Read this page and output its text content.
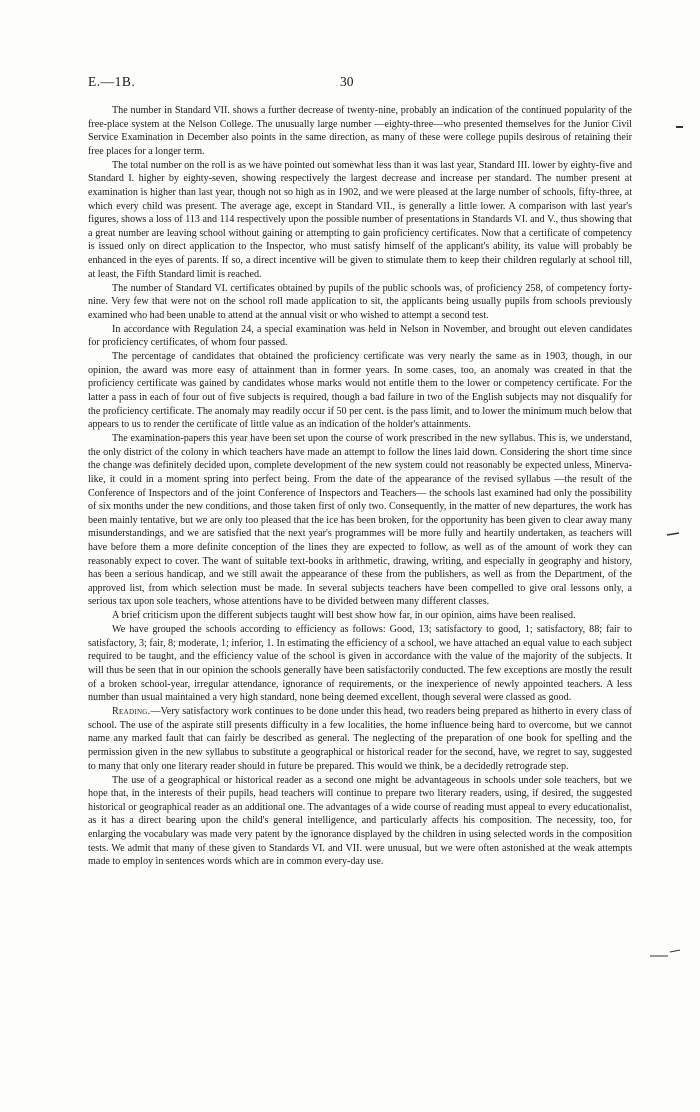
E.—1B.	30

The number in Standard VII. shows a further decrease of twenty-nine, probably an indication of the continued popularity of the free-place system at the Nelson College. The unusually large number —eighty-three—who presented themselves for the Junior Civil Service Examination in December also points in the same direction, as many of these were college pupils desirous of retaining their free places for a longer term.

The total number on the roll is as we have pointed out somewhat less than it was last year, Standard III. lower by eighty-five and Standard I. higher by eighty-seven, showing respectively the largest decrease and increase per standard. The number present at examination is higher than last year, though not so high as in 1902, and we were pleased at the large number of schools, fifty-three, at which every child was present. The average age, except in Standard VII., is generally a little lower. A comparison with last year's figures, shows a loss of 113 and 114 respectively upon the possible number of presentations in Standards VI. and V., thus showing that a great number are leaving school without gaining or attempting to gain proficiency certificates. Now that a certificate of competency is issued only on direct application to the Inspector, who must satisfy himself of the applicant's ability, its value will probably be enhanced in the eyes of parents. If so, a direct incentive will be given to stimulate them to keep their children regularly at school till, at least, the Fifth Standard limit is reached.

The number of Standard VI. certificates obtained by pupils of the public schools was, of proficiency 258, of competency forty-nine. Very few that were not on the school roll made application to sit, the applicants being usually pupils from schools previously examined who had been unable to attend at the annual visit or who wished to attempt a second test.

In accordance with Regulation 24, a special examination was held in Nelson in November, and brought out eleven candidates for proficiency certificates, of whom four passed.

The percentage of candidates that obtained the proficiency certificate was very nearly the same as in 1903, though, in our opinion, the award was more easy of attainment than in former years. In some cases, too, an anomaly was created in that the proficiency certificate was gained by candidates whose marks would not entitle them to the lower or competency certificate. For the latter a pass in each of four out of five subjects is required, though a bad failure in two of the English subjects may not disqualify for the proficiency certificate. The anomaly may readily occur if 50 per cent. is the pass limit, and to lower the minimum much below that appears to us to render the certificate of little value as an indication of the holder's attainments.

The examination-papers this year have been set upon the course of work prescribed in the new syllabus. This is, we understand, the only district of the colony in which teachers have made an attempt to follow the lines laid down. Considering the short time since the change was definitely decided upon, complete development of the new system could not reasonably be expected unless, Minerva-like, it could in a moment spring into perfect being. From the date of the appearance of the revised syllabus —the result of the Conference of Inspectors and of the joint Conference of Inspectors and Teachers— the schools last examined had only the possibility of six months under the new conditions, and those taken first of only two. Consequently, in the matter of new departures, the work has been mainly tentative, but we are only too pleased that the ice has been broken, for the opportunity has been given to clear away many misunderstandings, and we are satisfied that the next year's programmes will be more fully and heartily undertaken, as teachers will have before them a more definite conception of the lines they are expected to follow, as well as of the amount of work they can reasonably expect to cover. The want of suitable text-books in arithmetic, drawing, writing, and especially in geography and history, has been a serious handicap, and we still await the appearance of these from the publishers, as well as from the Department, of the approved list, from which selection must be made. In several subjects teachers have been compelled to give oral lessons only, a serious tax upon sole teachers, whose attentions have to be divided between many different classes.

A brief criticism upon the different subjects taught will best show how far, in our opinion, aims have been realised.

We have grouped the schools according to efficiency as follows: Good, 13; satisfactory to good, 1; satisfactory, 88; fair to satisfactory, 3; fair, 8; moderate, 1; inferior, 1. In estimating the efficiency of a school, we have attached an equal value to each subject required to be taught, and the efficiency value of the school is given in accordance with the value of the majority of the subjects. It will thus be seen that in our opinion the schools generally have been satisfactorily conducted. The few exceptions are mostly the result of a broken school-year, irregular attendance, ignorance of requirements, or the inexperience of newly appointed teachers. A less number than usual maintained a very high standard, none being deemed excellent, though several were classed as good.

Reading.—Very satisfactory work continues to be done under this head, two readers being prepared as hitherto in every class of school. The use of the aspirate still presents difficulty in a few localities, the home influence being hard to overcome, but we cannot name any marked fault that can fairly be described as general. The neglecting of the preparation of one book for spelling and the permission given in the new syllabus to substitute a geographical or historical reader for the second, have, we regret to say, suggested to many that only one literary reader should in future be prepared. This would we think, be a decidedly retrograde step.

The use of a geographical or historical reader as a second one might be advantageous in schools under sole teachers, but we hope that, in the interests of their pupils, head teachers will continue to prepare two literary readers, using, if desired, the suggested historical or geographical reader as an additional one. The advantages of a wide course of reading must appeal to every educationalist, as it has a direct bearing upon the child's general intelligence, and particularly affects his composition. The necessity, too, for enlarging the vocabulary was made very patent by the ignorance displayed by the children in using selected words in the composition tests. We admit that many of these given to Standards VI. and VII. were unusual, but we were often astonished at the weak attempts made to employ in sentences words which are in common every-day use.
